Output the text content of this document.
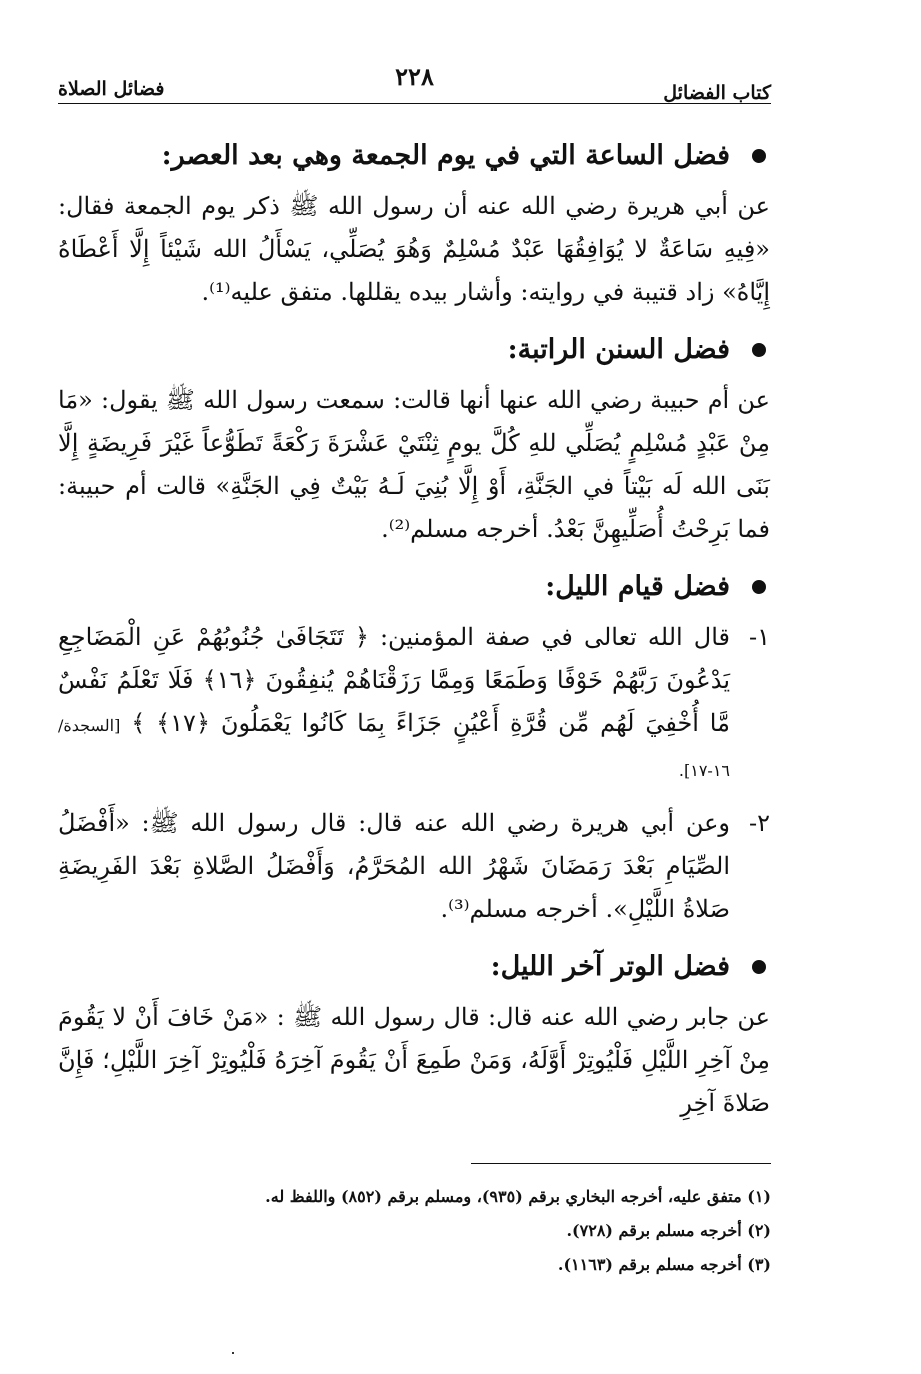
كتاب الفضائل
٢٢٨
فضائل الصلاة
فضل الساعة التي في يوم الجمعة وهي بعد العصر:

عن أبي هريرة رضي الله عنه أن رسول الله ﷺ ذكر يوم الجمعة فقال: «فِيهِ سَاعَةٌ لا يُوَافِقُهَا عَبْدٌ مُسْلِمٌ وَهُوَ يُصَلِّي، يَسْأَلُ الله شَيْئاً إِلَّا أَعْطَاهُ إِيَّاهُ» زاد قتيبة في روايته: وأشار بيده يقللها. متفق عليه⁽¹⁾.

فضل السنن الراتبة:

عن أم حبيبة رضي الله عنها أنها قالت: سمعت رسول الله ﷺ يقول: «مَا مِنْ عَبْدٍ مُسْلِمٍ يُصَلِّي للهِ كُلَّ يومٍ ثِنْتَيْ عَشْرَةَ رَكْعَةً تَطَوُّعاً غَيْرَ فَرِيضَةٍ إِلَّا بَنَى الله لَه بَيْتاً في الجَنَّةِ، أَوْ إِلَّا بُنِيَ لَـهُ بَيْتٌ فِي الجَنَّةِ» قالت أم حبيبة: فما بَرِحْتُ أُصَلِّيهِنَّ بَعْدُ. أخرجه مسلم⁽²⁾.

فضل قيام الليل:
١-
قال الله تعالى في صفة المؤمنين: ﴿ تَتَجَافَىٰ جُنُوبُهُمْ عَنِ الْمَضَاجِعِ يَدْعُونَ رَبَّهُمْ خَوْفًا وَطَمَعًا وَمِمَّا رَزَقْنَاهُمْ يُنفِقُونَ ﴿١٦﴾ فَلَا تَعْلَمُ نَفْسٌ مَّا أُخْفِيَ لَهُم مِّن قُرَّةِ أَعْيُنٍ جَزَاءً بِمَا كَانُوا يَعْمَلُونَ ﴿١٧﴾ ﴾ [السجدة/ ١٦-١٧].
٢-
وعن أبي هريرة رضي الله عنه قال: قال رسول الله ﷺ: «أَفْضَلُ الصِّيَامِ بَعْدَ رَمَضَانَ شَهْرُ الله المُحَرَّمُ، وَأَفْضَلُ الصَّلاةِ بَعْدَ الفَرِيضَةِ صَلاةُ اللَّيْلِ». أخرجه مسلم⁽³⁾.
فضل الوتر آخر الليل:

عن جابر رضي الله عنه قال: قال رسول الله ﷺ : «مَنْ خَافَ أَنْ لا يَقُومَ مِنْ آخِرِ اللَّيْلِ فَلْيُوتِرْ أَوَّلَهُ، وَمَنْ طَمِعَ أَنْ يَقُومَ آخِرَهُ فَلْيُوتِرْ آخِرَ اللَّيْلِ؛ فَإِنَّ صَلاةَ آخِرِ

(١) متفق عليه، أخرجه البخاري برقم (٩٣٥)، ومسلم برقم (٨٥٢) واللفظ له.

(٢) أخرجه مسلم برقم (٧٢٨).

(٣) أخرجه مسلم برقم (١١٦٣).
